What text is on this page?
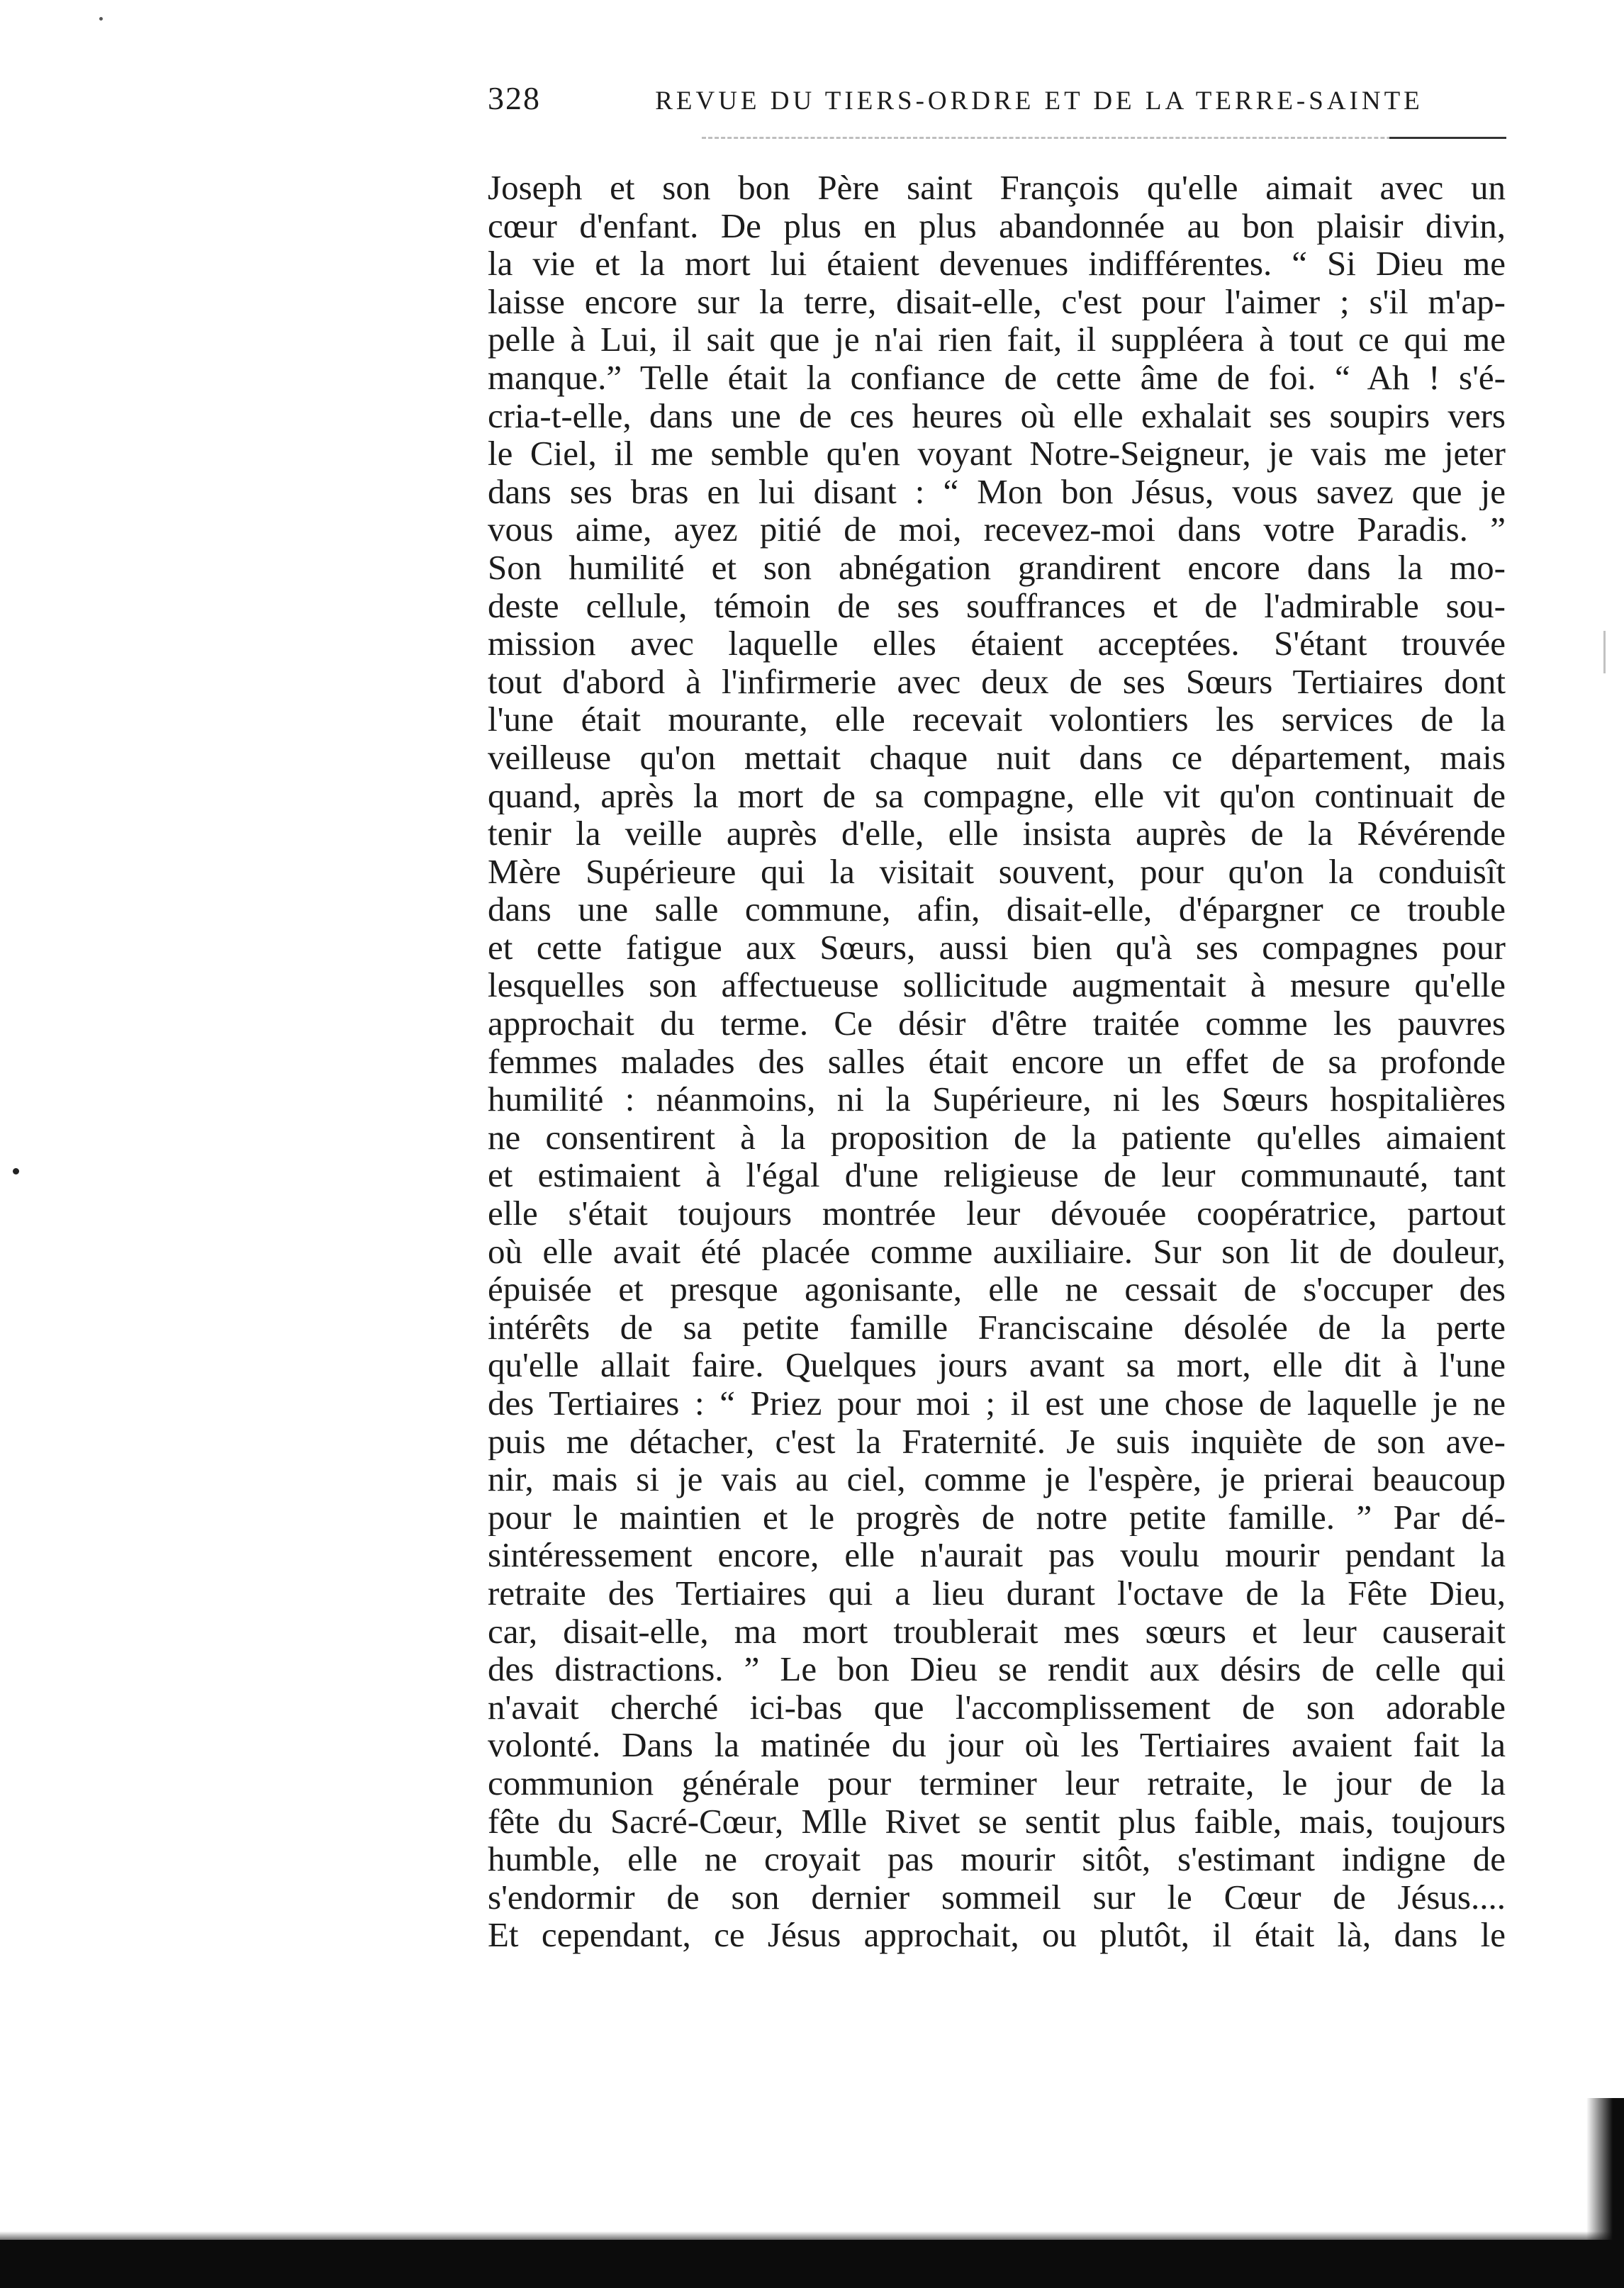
328	REVUE DU TIERS-ORDRE ET DE LA TERRE-SAINTE
Joseph et son bon Père saint François qu'elle aimait avec un
cœur d'enfant. De plus en plus abandonnée au bon plaisir divin,
la vie et la mort lui étaient devenues indifférentes. “ Si Dieu me
laisse encore sur la terre, disait-elle, c'est pour l'aimer ; s'il m'ap-
pelle à Lui, il sait que je n'ai rien fait, il suppléera à tout ce qui me
manque.” Telle était la confiance de cette âme de foi. “ Ah ! s'é-
cria-t-elle, dans une de ces heures où elle exhalait ses soupirs vers
le Ciel, il me semble qu'en voyant Notre-Seigneur, je vais me jeter
dans ses bras en lui disant : “ Mon bon Jésus, vous savez que je
vous aime, ayez pitié de moi, recevez-moi dans votre Paradis. ”
Son humilité et son abnégation grandirent encore dans la mo-
deste cellule, témoin de ses souffrances et de l'admirable sou-
mission avec laquelle elles étaient acceptées. S'étant trouvée
tout d'abord à l'infirmerie avec deux de ses Sœurs Tertiaires dont
l'une était mourante, elle recevait volontiers les services de la
veilleuse qu'on mettait chaque nuit dans ce département, mais
quand, après la mort de sa compagne, elle vit qu'on continuait de
tenir la veille auprès d'elle, elle insista auprès de la Révérende
Mère Supérieure qui la visitait souvent, pour qu'on la conduisît
dans une salle commune, afin, disait-elle, d'épargner ce trouble
et cette fatigue aux Sœurs, aussi bien qu'à ses compagnes pour
lesquelles son affectueuse sollicitude augmentait à mesure qu'elle
approchait du terme. Ce désir d'être traitée comme les pauvres
femmes malades des salles était encore un effet de sa profonde
humilité : néanmoins, ni la Supérieure, ni les Sœurs hospitalières
ne consentirent à la proposition de la patiente qu'elles aimaient
et estimaient à l'égal d'une religieuse de leur communauté, tant
elle s'était toujours montrée leur dévouée coopératrice, partout
où elle avait été placée comme auxiliaire. Sur son lit de douleur,
épuisée et presque agonisante, elle ne cessait de s'occuper des
intérêts de sa petite famille Franciscaine désolée de la perte
qu'elle allait faire. Quelques jours avant sa mort, elle dit à l'une
des Tertiaires : “ Priez pour moi ; il est une chose de laquelle je ne
puis me détacher, c'est la Fraternité. Je suis inquiète de son ave-
nir, mais si je vais au ciel, comme je l'espère, je prierai beaucoup
pour le maintien et le progrès de notre petite famille. ” Par dé-
sintéressement encore, elle n'aurait pas voulu mourir pendant la
retraite des Tertiaires qui a lieu durant l'octave de la Fête Dieu,
car, disait-elle, ma mort troublerait mes sœurs et leur causerait
des distractions. ” Le bon Dieu se rendit aux désirs de celle qui
n'avait cherché ici-bas que l'accomplissement de son adorable
volonté. Dans la matinée du jour où les Tertiaires avaient fait la
communion générale pour terminer leur retraite, le jour de la
fête du Sacré-Cœur, Mlle Rivet se sentit plus faible, mais, toujours
humble, elle ne croyait pas mourir sitôt, s'estimant indigne de
s'endormir de son dernier sommeil sur le Cœur de Jésus....
Et cependant, ce Jésus approchait, ou plutôt, il était là, dans le
